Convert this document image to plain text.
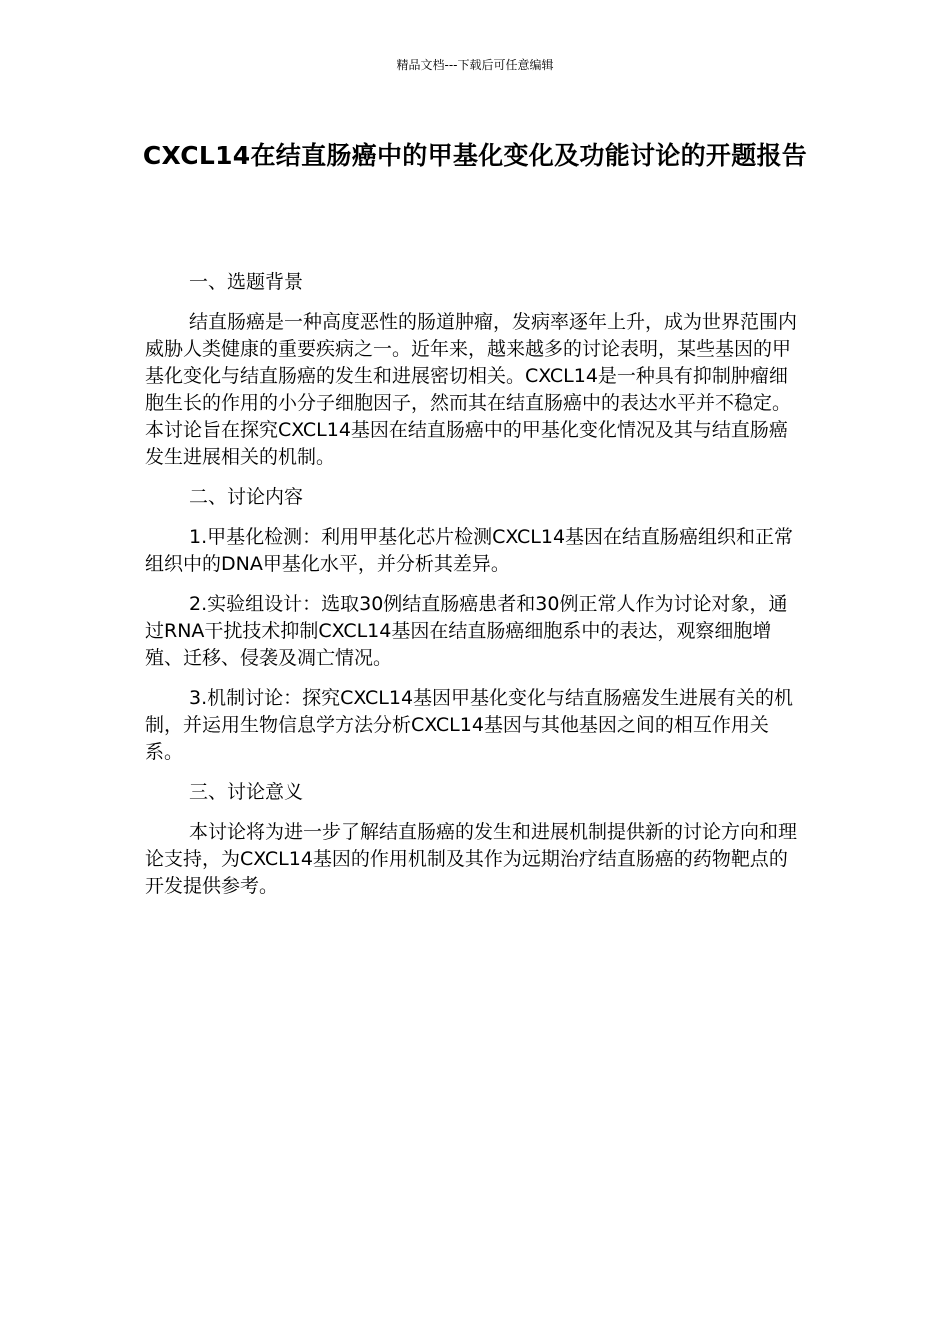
精品文档---下载后可任意编辑
CXCL14在结直肠癌中的甲基化变化及功能讨论的开题报告

一、选题背景

结直肠癌是一种高度恶性的肠道肿瘤，发病率逐年上升，成为世界范围内威胁人类健康的重要疾病之一。近年来，越来越多的讨论表明，某些基因的甲基化变化与结直肠癌的发生和进展密切相关。CXCL14是一种具有抑制肿瘤细胞生长的作用的小分子细胞因子，然而其在结直肠癌中的表达水平并不稳定。本讨论旨在探究CXCL14基因在结直肠癌中的甲基化变化情况及其与结直肠癌发生进展相关的机制。

二、讨论内容

1.甲基化检测：利用甲基化芯片检测CXCL14基因在结直肠癌组织和正常组织中的DNA甲基化水平，并分析其差异。

2.实验组设计：选取30例结直肠癌患者和30例正常人作为讨论对象，通过RNA干扰技术抑制CXCL14基因在结直肠癌细胞系中的表达，观察细胞增殖、迁移、侵袭及凋亡情况。

3.机制讨论：探究CXCL14基因甲基化变化与结直肠癌发生进展有关的机制，并运用生物信息学方法分析CXCL14基因与其他基因之间的相互作用关系。

三、讨论意义

本讨论将为进一步了解结直肠癌的发生和进展机制提供新的讨论方向和理论支持，为CXCL14基因的作用机制及其作为远期治疗结直肠癌的药物靶点的开发提供参考。
